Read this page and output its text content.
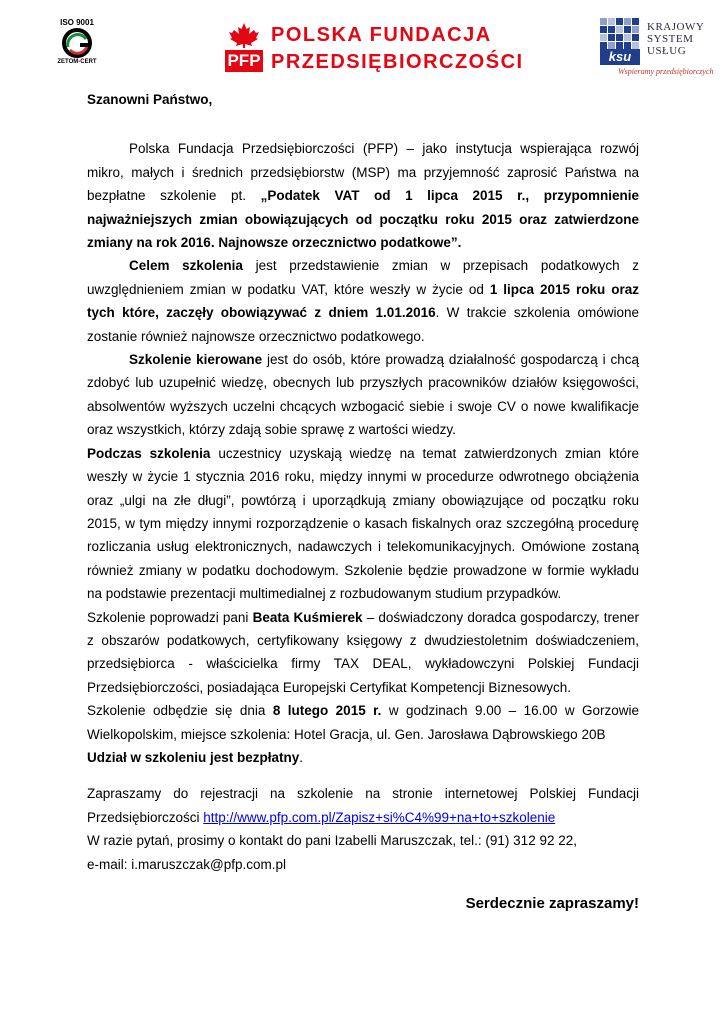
ISO 9001
ZETOM-CERT	PFP
POLSKA FUNDACJA
PRZEDSIĘBIORCZOŚCI	ksu
KRAJOWY
SYSTEM
USŁUG
Wspieramy przedsiębiorczych

Szanowni Państwo,

Polska Fundacja Przedsiębiorczości (PFP) – jako instytucja wspierająca rozwój mikro, małych i średnich przedsiębiorstw (MSP) ma przyjemność zaprosić Państwa na bezpłatne szkolenie pt. „Podatek VAT od 1 lipca 2015 r., przypomnienie najważniejszych zmian obowiązujących od początku roku 2015 oraz zatwierdzone zmiany na rok 2016. Najnowsze orzecznictwo podatkowe”.

Celem szkolenia jest przedstawienie zmian w przepisach podatkowych z uwzględnieniem zmian w podatku VAT, które weszły w życie od 1 lipca 2015 roku oraz tych które, zaczęły obowiązywać z dniem 1.01.2016. W trakcie szkolenia omówione zostanie również najnowsze orzecznictwo podatkowego.

Szkolenie kierowane jest do osób, które prowadzą działalność gospodarczą i chcą zdobyć lub uzupełnić wiedzę, obecnych lub przyszłych pracowników działów księgowości, absolwentów wyższych uczelni chcących wzbogacić siebie i swoje CV o nowe kwalifikacje oraz wszystkich, którzy zdają sobie sprawę z wartości wiedzy.

Podczas szkolenia uczestnicy uzyskają wiedzę na temat zatwierdzonych zmian które weszły w życie 1 stycznia 2016 roku, między innymi w procedurze odwrotnego obciążenia oraz „ulgi na złe długi”, powtórzą i uporządkują zmiany obowiązujące od początku roku 2015, w tym między innymi rozporządzenie o kasach fiskalnych oraz szczegółną procedurę rozliczania usług elektronicznych, nadawczych i telekomunikacyjnych. Omówione zostaną również zmiany w podatku dochodowym. Szkolenie będzie prowadzone w formie wykładu na podstawie prezentacji multimedialnej z rozbudowanym studium przypadków.

Szkolenie poprowadzi pani Beata Kuśmierek – doświadczony doradca gospodarczy, trener z obszarów podatkowych, certyfikowany księgowy z dwudziestoletnim doświadczeniem, przedsiębiorca - właścicielka firmy TAX DEAL, wykładowczyni Polskiej Fundacji Przedsiębiorczości, posiadająca Europejski Certyfikat Kompetencji Biznesowych.

Szkolenie odbędzie się dnia 8 lutego 2015 r. w godzinach 9.00 – 16.00 w Gorzowie Wielkopolskim, miejsce szkolenia: Hotel Gracja, ul. Gen. Jarosława Dąbrowskiego 20B

Udział w szkoleniu jest bezpłatny.

Zapraszamy do rejestracji na szkolenie na stronie internetowej Polskiej Fundacji Przedsiębiorczości http://www.pfp.com.pl/Zapisz+si%C4%99+na+to+szkolenie

W razie pytań, prosimy o kontakt do pani Izabelli Maruszczak, tel.: (91) 312 92 22,

e-mail: i.maruszczak@pfp.com.pl

Serdecznie zapraszamy!
